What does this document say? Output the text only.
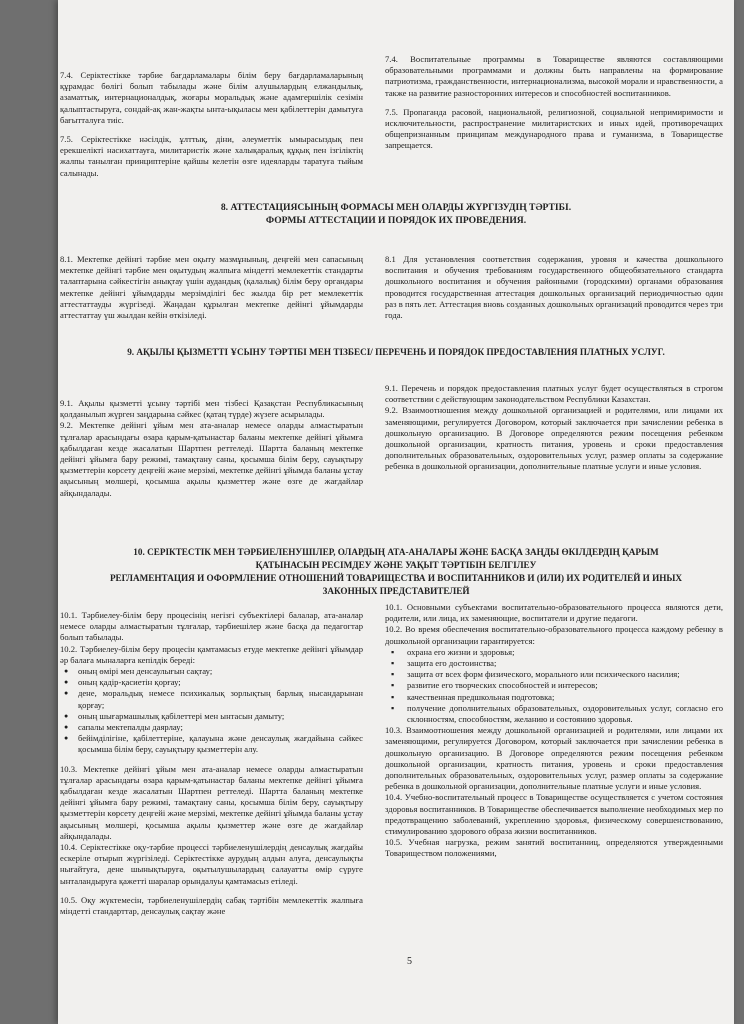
7.4. Серіктестікке тәрбие бағдарламалары білім беру бағдарламаларының құрамдас бөлігі болып табылады және білім алушылардың елжандылық, азаматтық, интернационалдық, жоғары моральдық және адамгершілік сезімін қалыптастыруға, сондай-ақ жан-жақты ынта-ықыласы мен қабілеттерін дамытуға бағытталуға тиіс.

7.5. Серіктестікке нәсілдік, ұлттық, діни, әлеуметтік ымырасыздық пен ерекшелікті насихаттауға, милитаристік және халықаралық құқық пен ізгіліктің жалпы танылған принциптеріне қайшы келетін өзге идеяларды таратуға тыйым салынады.

7.4. Воспитательные программы в Товариществе являются составляющими образовательными программами и должны быть направлены на формирование патриотизма, гражданственности, интернационализма, высокой морали и нравственности, а также на развитие разносторонних интересов и способностей воспитанников.

7.5. Пропаганда расовой, национальной, религиозной, социальной непримиримости и исключительности, распространение милитаристских и иных идей, противоречащих общепризнанным принципам международного права и гуманизма, в Товариществе запрещается.

8. АТТЕСТАЦИЯСЫНЫҢ ФОРМАСЫ МЕН ОЛАРДЫ ЖҮРГІЗУДІҢ ТӘРТІБІ.
ФОРМЫ АТТЕСТАЦИИ И ПОРЯДОК ИХ ПРОВЕДЕНИЯ.

8.1. Мектепке дейінгі тәрбие мен оқыту мазмұнының, деңгейі мен сапасының мектепке дейінгі тәрбие мен оқытудың жалпыға міндетті мемлекеттік стандарты талаптарына сәйкестігін анықтау үшін аудандық (қалалық) білім беру органдары мектепке дейінгі ұйымдарды мерзімділігі бес жылда бір рет мемлекеттік аттестаттауды жүргізеді. Жаңадан құрылған мектепке дейінгі ұйымдарды аттестаттау үш жылдан кейін өткізіледі.

8.1 Для установления соответствия содержания, уровня и качества дошкольного воспитания и обучения требованиям государственного общеобязательного стандарта дошкольного воспитания и обучения районными (городскими) органами образования проводится государственная аттестация дошкольных организаций периодичностью один раз в пять лет. Аттестация вновь созданных дошкольных организаций проводится через три года.

9. АҚЫЛЫ ҚЫЗМЕТТІ ҰСЫНУ ТӘРТІБІ МЕН ТІЗБЕСІ/ ПЕРЕЧЕНЬ И ПОРЯДОК ПРЕДОСТАВЛЕНИЯ ПЛАТНЫХ УСЛУГ.

9.1. Ақылы қызметті ұсыну тәртібі мен тізбесі Қазақстан Республикасының қолданылып жүрген заңдарына сәйкес (қатаң түрде) жүзеге асырылады.

9.2. Мектепке дейінгі ұйым мен ата-аналар немесе оларды алмастыратын тұлғалар арасындағы өзара қарым-қатынастар баланы мектепке дейінгі ұйымға қабылдаған кезде жасалатын Шартпен реттеледі. Шартта баланың мектепке дейінгі ұйымға бару режимі, тамақтану саны, қосымша білім беру, сауықтыру қызметтерін көрсету деңгейі және мерзімі, мектепке дейінгі ұйымда баланы ұстау ақысының мөлшері, қосымша ақылы қызметтер және өзге де жағдайлар айқындалады.

9.1. Перечень и порядок предоставления платных услуг будет осуществляться в строгом соответствии с действующим законодательством Республики Казахстан.

9.2. Взаимоотношения между дошкольной организацией и родителями, или лицами их заменяющими, регулируется Договором, который заключается при зачислении ребенка в дошкольную организацию. В Договоре определяются режим посещения ребенком дошкольной организации, кратность питания, уровень и сроки предоставления дополнительных образовательных, оздоровительных услуг, размер оплаты за содержание ребенка в дошкольной организации, дополнительные платные услуги и иные условия.

10. СЕРІКТЕСТІК МЕН ТӘРБИЕЛЕНУШІЛЕР, ОЛАРДЫҢ АТА-АНАЛАРЫ ЖӘНЕ БАСҚА ЗАҢДЫ ӨКІЛДЕРДІҢ ҚАРЫМ
ҚАТЫНАСЫН РЕСІМДЕУ ЖӘНЕ УАҚЫТ ТӘРТІБІН БЕЛГІЛЕУ
РЕГЛАМЕНТАЦИЯ И ОФОРМЛЕНИЕ ОТНОШЕНИЙ ТОВАРИЩЕСТВА И ВОСПИТАННИКОВ И (ИЛИ) ИХ РОДИТЕЛЕЙ И ИНЫХ
ЗАКОННЫХ ПРЕДСТАВИТЕЛЕЙ

10.1. Тәрбиелеу-білім беру процесінің негізгі субъектілері балалар, ата-аналар немесе оларды алмастыратын тұлғалар, тәрбиешілер және басқа да педагогтар болып табылады.

10.2. Тәрбиелеу-білім беру процесін қамтамасыз етуде мектепке дейінгі ұйымдар әр балаға мыналарға кепілдік береді:

● оның өмірі мен денсаулығын сақтау;
● оның қадір-қасиетін қорғау;
● дене, моральдық немесе психикалық зорлықтың барлық нысандарынан қорғау;
● оның шығармашылық қабілеттері мен ынтасын дамыту;
● сапалы мектепалды даярлау;
● бейімділігіне, қабілеттеріне, қалауына және денсаулық жағдайына сәйкес қосымша білім беру, сауықтыру қызметтерін алу.

10.3. Мектепке дейінгі ұйым мен ата-аналар немесе оларды алмастыратын тұлғалар арасындағы өзара қарым-қатынастар баланы мектепке дейінгі ұйымға қабылдаған кезде жасалатын Шартпен реттеледі. Шартта баланың мектепке дейінгі ұйымға бару режимі, тамақтану саны, қосымша білім беру, сауықтыру қызметтерін көрсету деңгейі және мерзімі, мектепке дейінгі ұйымда баланы ұстау ақысының мөлшері, қосымша ақылы қызметтер және өзге де жағдайлар айқындалады.

10.4. Серіктестікке оқу-тәрбие процессі тәрбиеленушілердің денсаулық жағдайы ескеріле отырып жүргізіледі. Серіктестікке аурудың алдын алуға, денсаулықты нығайтуға, дене шынықтыруға, оқытылушылардың салауатты өмір сүруге ынталандыруға қажетті шаралар орындалуы қамтамасыз етіледі.

10.5. Оқу жүктемесін, тәрбиеленушілердің сабақ тәртібін мемлекеттік жалпыға міндетті стандарттар, денсаулық сақтау және

10.1. Основными субъектами воспитательно-образовательного процесса являются дети, родители, или лица, их заменяющие, воспитатели и другие педагоги.

10.2. Во время обеспечения воспитательно-образовательного процесса каждому ребенку в дошкольной организации гарантируется:

▪ охрана его жизни и здоровья;
▪ защита его достоинства;
▪ защита от всех форм физического, морального или психического насилия;
▪ развитие его творческих способностей и интересов;
▪ качественная предшкольная подготовка;
▪ получение дополнительных образовательных, оздоровительных услуг, согласно его склонностям, способностям, желанию и состоянию здоровья.

10.3. Взаимоотношения между дошкольной организацией и родителями, или лицами их заменяющими, регулируется Договором, который заключается при зачислении ребенка в дошкольную организацию. В Договоре определяются режим посещения ребенком дошкольной организации, кратность питания, уровень и сроки предоставления дополнительных образовательных, оздоровительных услуг, размер оплаты за содержание ребенка в дошкольной организации, дополнительные платные услуги и иные условия.

10.4. Учебно-воспитательный процесс в Товариществе осуществляется с учетом состояния здоровья воспитанников. В Товариществе обеспечивается выполнение необходимых мер по предотвращению заболеваний, укреплению здоровья, физическому совершенствованию, стимулированию здорового образа жизни воспитанников.

10.5. Учебная нагрузка, режим занятий воспитанниц, определяются утвержденными Товариществом положениями,

5
